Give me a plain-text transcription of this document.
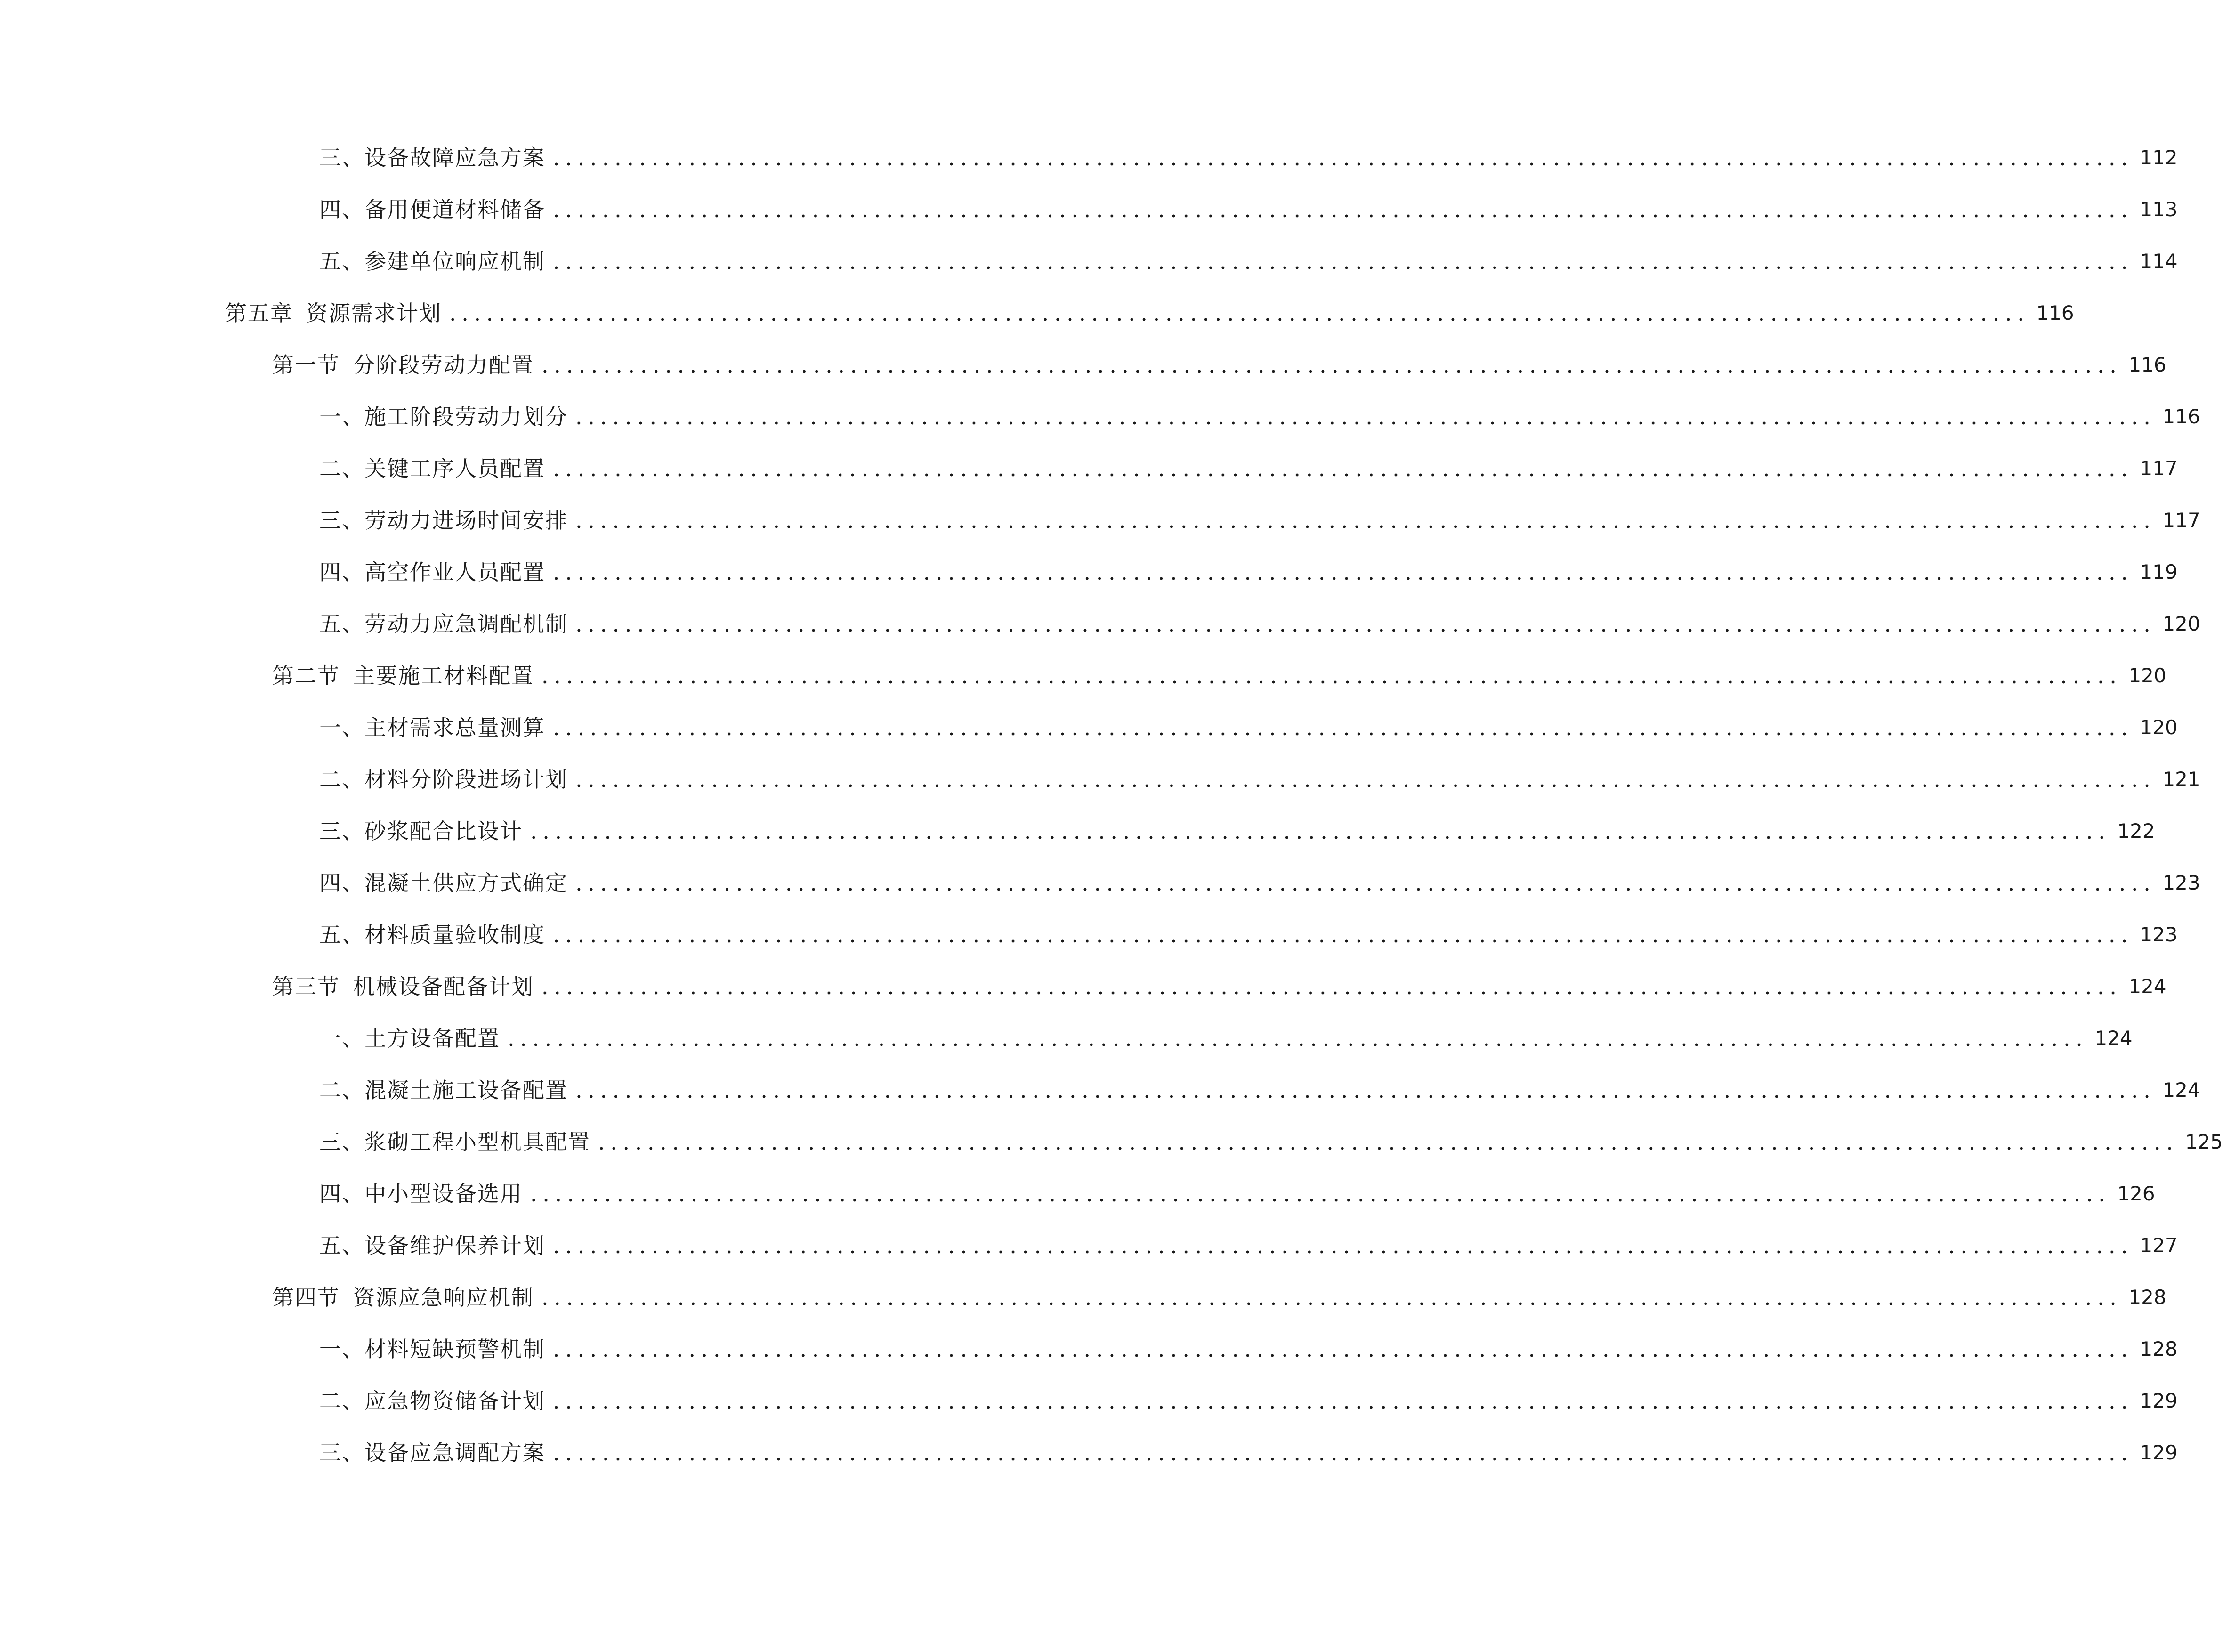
三、 设备故障应急方案 ................................................................................................................................ 112
四、 备用便道材料储备 ................................................................................................................................ 113
五、 参建单位响应机制 ................................................................................................................................ 114
第五章 资源需求计划 ................................................................................................................................ 116
第一节 分阶段劳动力配置 ................................................................................................................................ 116
一、 施工阶段劳动力划分 ................................................................................................................................ 116
二、 关键工序人员配置 ................................................................................................................................ 117
三、 劳动力进场时间安排 ................................................................................................................................ 117
四、 高空作业人员配置 ................................................................................................................................ 119
五、 劳动力应急调配机制 ................................................................................................................................ 120
第二节 主要施工材料配置 ................................................................................................................................ 120
一、 主材需求总量测算 ................................................................................................................................ 120
二、 材料分阶段进场计划 ................................................................................................................................ 121
三、 砂浆配合比设计 ................................................................................................................................ 122
四、 混凝土供应方式确定 ................................................................................................................................ 123
五、 材料质量验收制度 ................................................................................................................................ 123
第三节 机械设备配备计划 ................................................................................................................................ 124
一、 土方设备配置 ................................................................................................................................ 124
二、 混凝土施工设备配置 ................................................................................................................................ 124
三、 浆砌工程小型机具配置 ................................................................................................................................ 125
四、 中小型设备选用 ................................................................................................................................ 126
五、 设备维护保养计划 ................................................................................................................................ 127
第四节 资源应急响应机制 ................................................................................................................................ 128
一、 材料短缺预警机制 ................................................................................................................................ 128
二、 应急物资储备计划 ................................................................................................................................ 129
三、 设备应急调配方案 ................................................................................................................................ 129
